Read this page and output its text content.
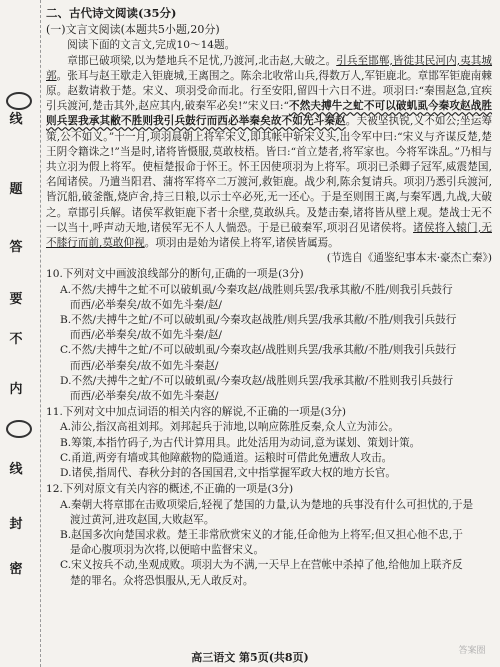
线
题
答
要
不
内
线
封
密
二、古代诗文阅读(35分)
(一)文言文阅读(本题共5小题,20分)

阅读下面的文言文,完成10～14题。

章邯已破项梁,以为楚地兵不足忧,乃渡河,北击赵,大破之。引兵至邯郸,皆徙其民河内,夷其城郭。张耳与赵王歇走入钜鹿城,王离围之。陈余北收常山兵,得数万人,军钜鹿北。章邯军钜鹿南棘原。赵数请救于楚。宋义、项羽受命而北。行至安阳,留四十六日不进。项羽曰:“秦围赵急,宜疾引兵渡河,楚击其外,赵应其内,破秦军必矣!”宋义曰:“不然夫搏牛之虻不可以破虮虱今秦攻赵战胜则兵罢我承其敝不胜则我引兵鼓行而西必举秦矣故不如先斗秦赵。夫被坚执锐,义不如公;坐运筹策,公不如义。”十一月,项羽晨朝上将军宋义,即其帐中斩宋义头,出令军中曰:“宋义与齐谋反楚,楚王阴令籍诛之!”当是时,诸将皆慑服,莫敢枝梧。皆曰:“首立楚者,将军家也。今将军诛乱。”乃相与共立羽为假上将军。使桓楚报命于怀王。怀王因使项羽为上将军。项羽已杀卿子冠军,威震楚国,名闻诸侯。乃遣当阳君、蒲将军将卒二万渡河,救钜鹿。战少利,陈余复请兵。项羽乃悉引兵渡河,皆沉船,破釜甑,烧庐舍,持三日粮,以示士卒必死,无一还心。于是至则围王离,与秦军遇,九战,大破之。章邯引兵解。诸侯军救钜鹿下者十余壁,莫敢纵兵。及楚击秦,诸将皆从壁上观。楚战士无不一以当十,呼声动天地,诸侯军无不人人惴恐。于是已破秦军,项羽召见诸侯将。诸侯将入辕门,无不膝行而前,莫敢仰视。项羽由是始为诸侯上将军,诸侯皆属焉。

(节选自《通鉴纪事本末·豪杰亡秦》)
10.下列对文中画波浪线部分的断句,正确的一项是(3分)
A.不然/夫搏牛之虻不可以破虮虱/今秦攻赵/战胜则兵罢/我承其敝/不胜/则我引兵鼓行
而西/必举秦矣/故不如先斗秦/赵/
B.不然/夫搏牛之虻/不可以破虮虱/今秦攻赵战胜/则兵罢/我承其敝/不胜/则我引兵鼓行
而西/必举秦矣/故不如先斗秦/赵/
C.不然/夫搏牛之虻/不可以破虮虱/今秦攻赵/战胜则兵罢/我承其敝/不胜/则我引兵鼓行
而西/必举秦矣/故不如先斗秦赵/
D.不然/夫搏牛之虻/不可以破虮虱/今秦攻赵/战胜则兵罢/我承其敝/不胜则我引兵鼓行
而西/必举秦矣/故不如先斗秦赵/
11.下列对文中加点词语的相关内容的解说,不正确的一项是(3分)
A.沛公,指汉高祖刘邦。刘邦起兵于沛地,以响应陈胜反秦,众人立为沛公。
B.筹策,本指竹码子,为古代计算用具。此处活用为动词,意为谋划、策划计策。
C.甬道,两旁有墙或其他障蔽物的隐通道。运粮时可借此免遭敌人攻击。
D.诸侯,指周代、春秋分封的各国国君,文中指掌握军政大权的地方长官。
12.下列对原文有关内容的概述,不正确的一项是(3分)
A.秦朝大将章邯在击败项梁后,轻视了楚国的力量,认为楚地的兵事没有什么可担忧的,于是
渡过黄河,进攻赵国,大败赵军。
B.赵国多次向楚国求救。楚王非常欣赏宋义的才能,任命他为上将军;但又担心他不忠,于
是命心腹项羽为次将,以便暗中监督宋义。
C.宋义按兵不动,坐观成败。项羽大为不满,一天早上在营帐中杀掉了他,给他加上联齐反
楚的罪名。众将恐惧服从,无人敢反对。
高三语文 第5页(共8页)	答案圈
